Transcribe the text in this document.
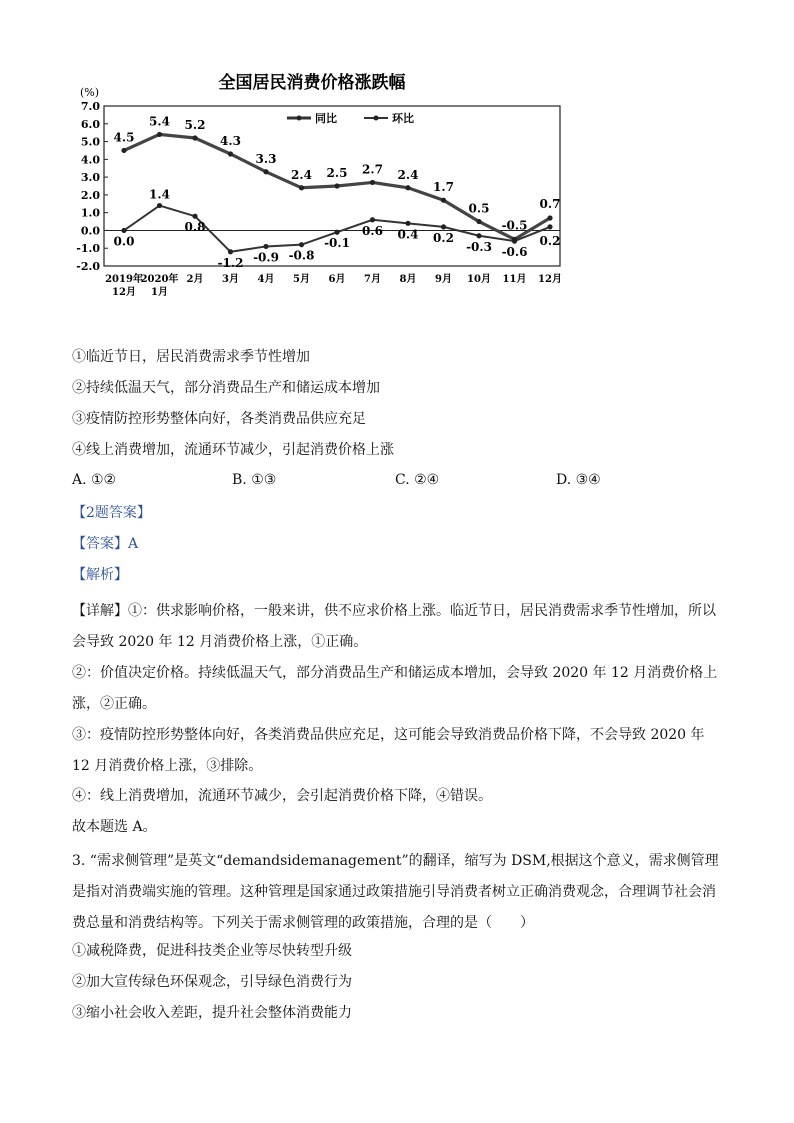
全国居民消费价格涨跌幅
(%)
同比	环比
7.0
6.0
5.0
4.0
3.0
2.0
1.0
0.0
-1.0
-2.0
2019年 12月
2020年 1月
2月 3月 4月 5月 6月 7月 8月 9月 10月 11月 12月
4.5
5.4 5.2
4.3
3.3
2.4 2.5 2.7 2.4
1.7
0.5
-0.5
0.7
0.0
1.4
0.8
-1.2 -0.9 -0.8
-0.1
0.6 0.4 0.2
-0.3 -0.6
0.2
①临近节日，居民消费需求季节性增加
②持续低温天气，部分消费品生产和储运成本增加
③疫情防控形势整体向好，各类消费品供应充足
④线上消费增加，流通环节减少，引起消费价格上涨
A. ①②	B. ①③	C. ②④	D. ③④
【2题答案】
【答案】A
【解析】
【详解】①：供求影响价格，一般来讲，供不应求价格上涨。临近节日，居民消费需求季节性增加，所以会导致 2020 年 12 月消费价格上涨，①正确。
②：价值决定价格。持续低温天气，部分消费品生产和储运成本增加，会导致 2020 年 12 月消费价格上涨，②正确。
③：疫情防控形势整体向好，各类消费品供应充足，这可能会导致消费品价格下降，不会导致 2020 年 12 月消费价格上涨，③排除。
④：线上消费增加，流通环节减少，会引起消费价格下降，④错误。
故本题选 A。
3. “需求侧管理”是英文“demandsidemanagement”的翻译，缩写为 DSM,根据这个意义，需求侧管理是指对消费端实施的管理。这种管理是国家通过政策措施引导消费者树立正确消费观念，合理调节社会消费总量和消费结构等。下列关于需求侧管理的政策措施，合理的是（　　）
①减税降费，促进科技类企业等尽快转型升级
②加大宣传绿色环保观念，引导绿色消费行为
③缩小社会收入差距，提升社会整体消费能力
